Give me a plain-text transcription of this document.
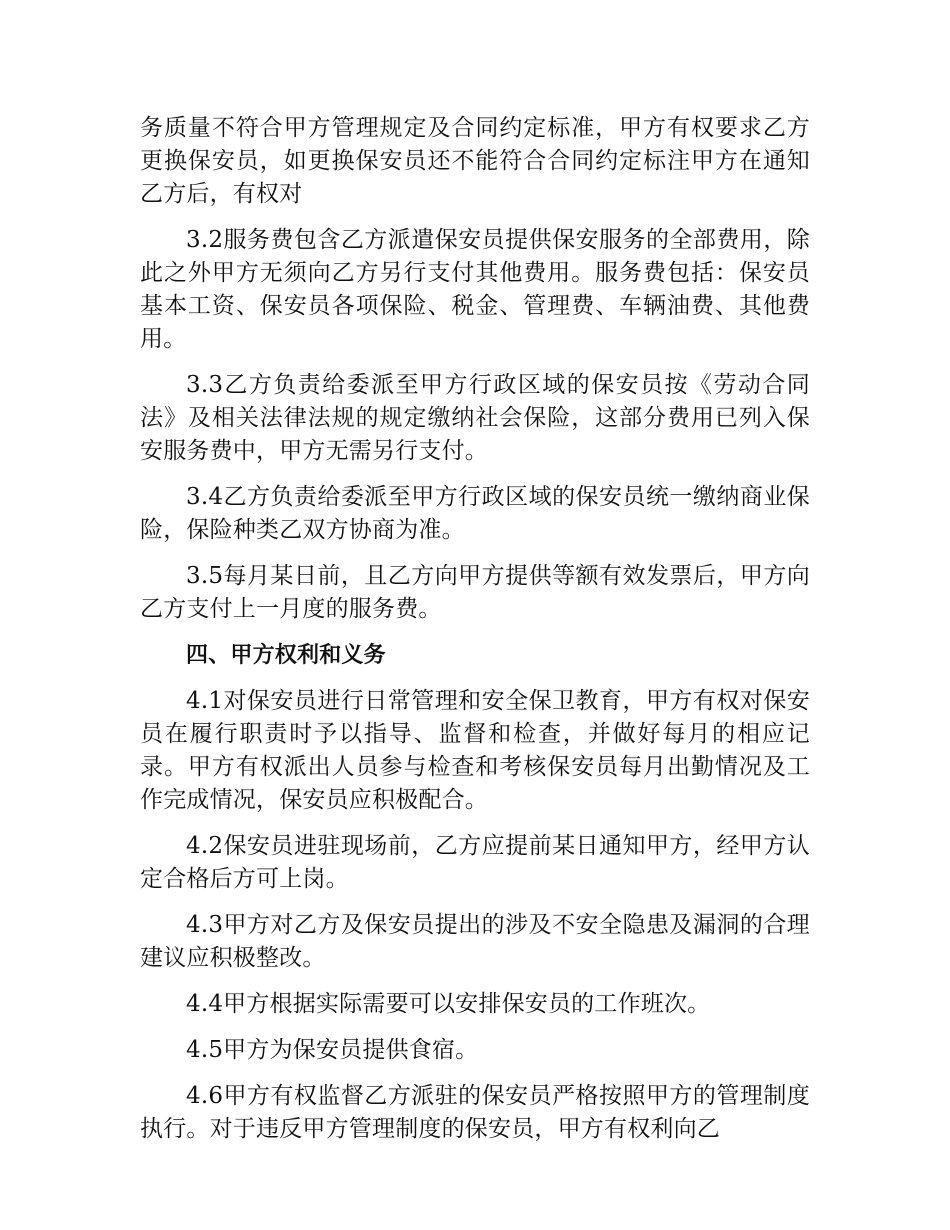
务质量不符合甲方管理规定及合同约定标准，甲方有权要求乙方更换保安员，如更换保安员还不能符合合同约定标注甲方在通知乙方后，有权对

3.2服务费包含乙方派遣保安员提供保安服务的全部费用，除此之外甲方无须向乙方另行支付其他费用。服务费包括：保安员基本工资、保安员各项保险、税金、管理费、车辆油费、其他费用。

3.3乙方负责给委派至甲方行政区域的保安员按《劳动合同法》及相关法律法规的规定缴纳社会保险，这部分费用已列入保安服务费中，甲方无需另行支付。

3.4乙方负责给委派至甲方行政区域的保安员统一缴纳商业保险，保险种类乙双方协商为准。

3.5每月某日前，且乙方向甲方提供等额有效发票后，甲方向乙方支付上一月度的服务费。

四、甲方权利和义务

4.1对保安员进行日常管理和安全保卫教育，甲方有权对保安员在履行职责时予以指导、监督和检查，并做好每月的相应记录。甲方有权派出人员参与检查和考核保安员每月出勤情况及工作完成情况，保安员应积极配合。

4.2保安员进驻现场前，乙方应提前某日通知甲方，经甲方认定合格后方可上岗。

4.3甲方对乙方及保安员提出的涉及不安全隐患及漏洞的合理建议应积极整改。

4.4甲方根据实际需要可以安排保安员的工作班次。

4.5甲方为保安员提供食宿。

4.6甲方有权监督乙方派驻的保安员严格按照甲方的管理制度执行。对于违反甲方管理制度的保安员，甲方有权利向乙
